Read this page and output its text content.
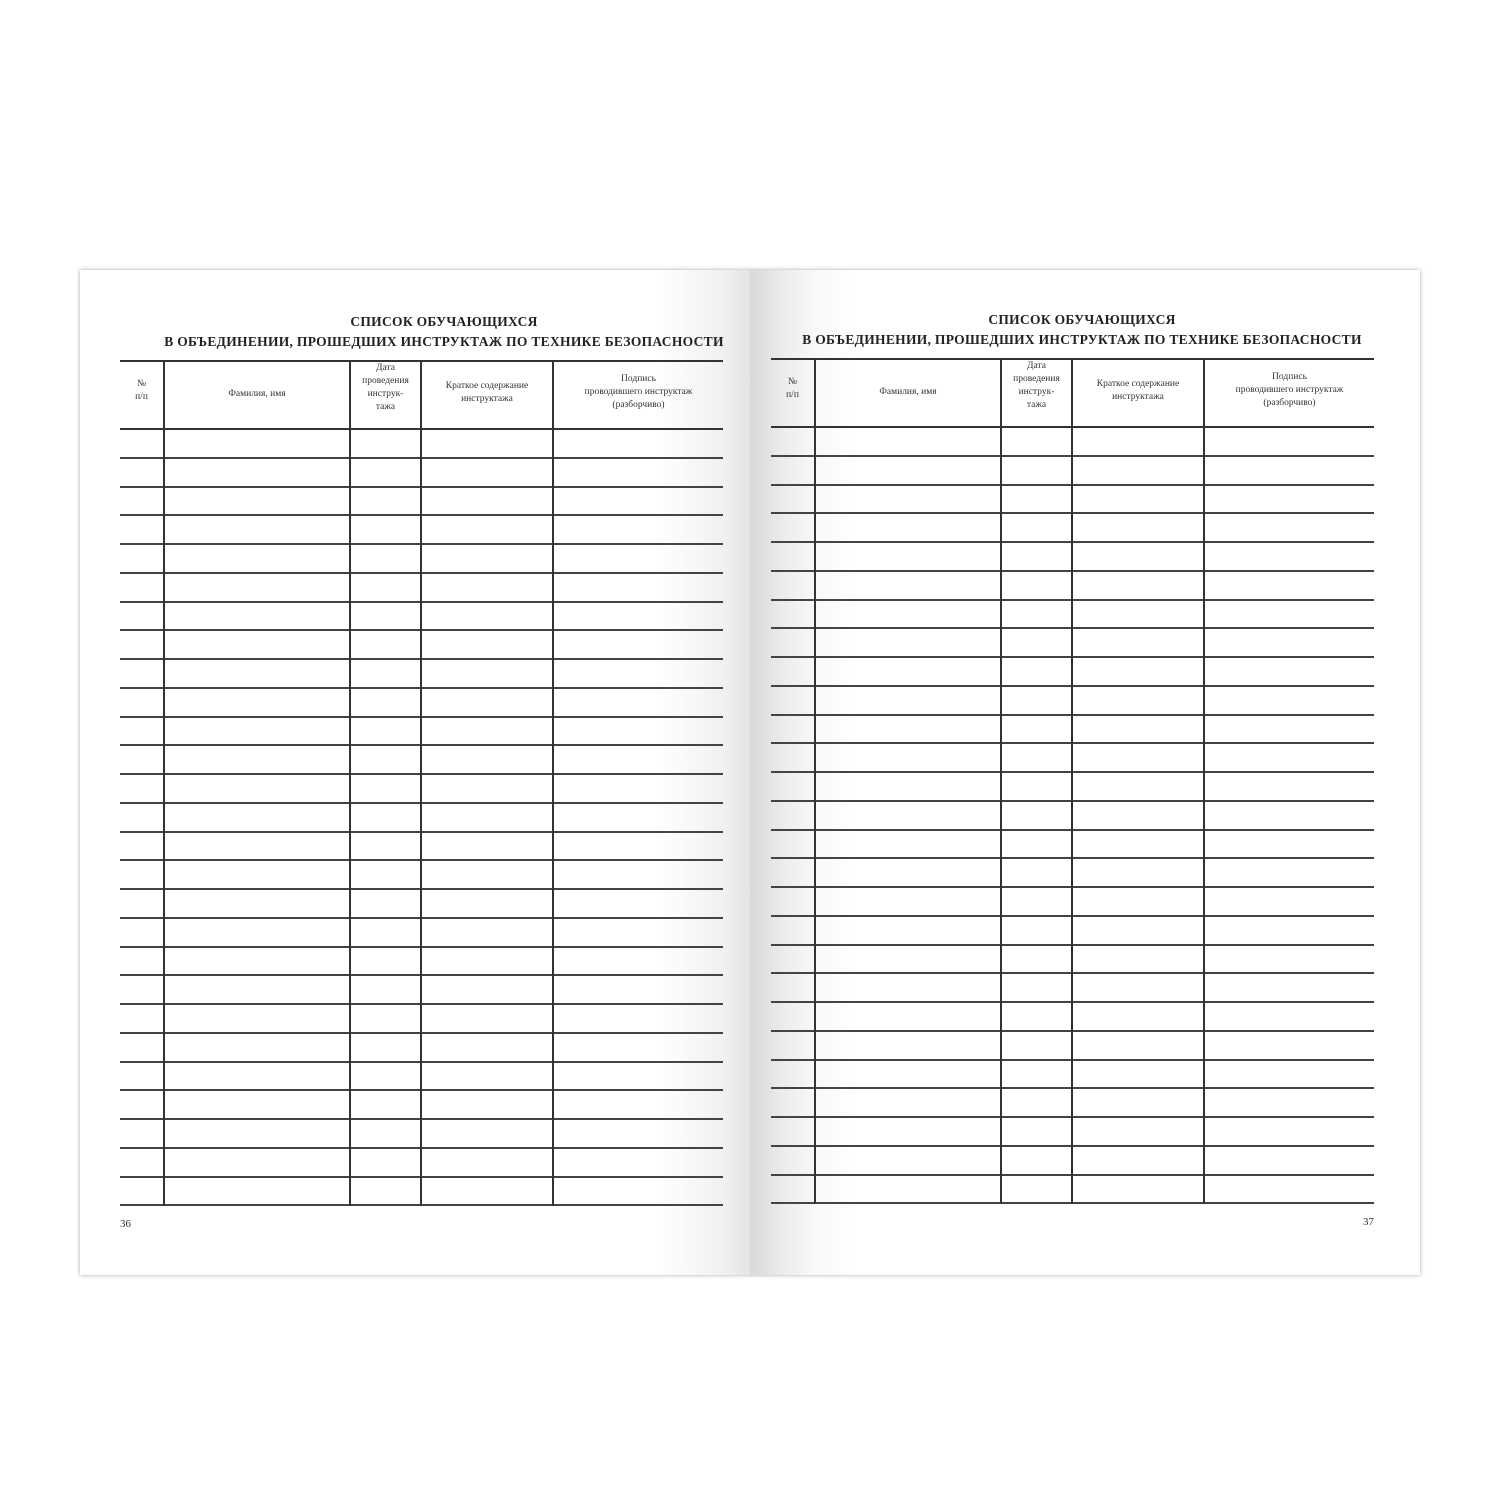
СПИСОК ОБУЧАЮЩИХСЯ
В ОБЪЕДИНЕНИИ, ПРОШЕДШИХ ИНСТРУКТАЖ ПО ТЕХНИКЕ БЕЗОПАСНОСТИ
№
п/п	Фамилия, имя
Дата
проведения
инструк-
тажа
Краткое содержание
инструктажа
Подпись
проводившего инструктаж
(разборчиво)
36
СПИСОК ОБУЧАЮЩИХСЯ
В ОБЪЕДИНЕНИИ, ПРОШЕДШИХ ИНСТРУКТАЖ ПО ТЕХНИКЕ БЕЗОПАСНОСТИ
№
п/п	Фамилия, имя
Дата
проведения
инструк-
тажа
Краткое содержание
инструктажа
Подпись
проводившего инструктаж
(разборчиво)
37
